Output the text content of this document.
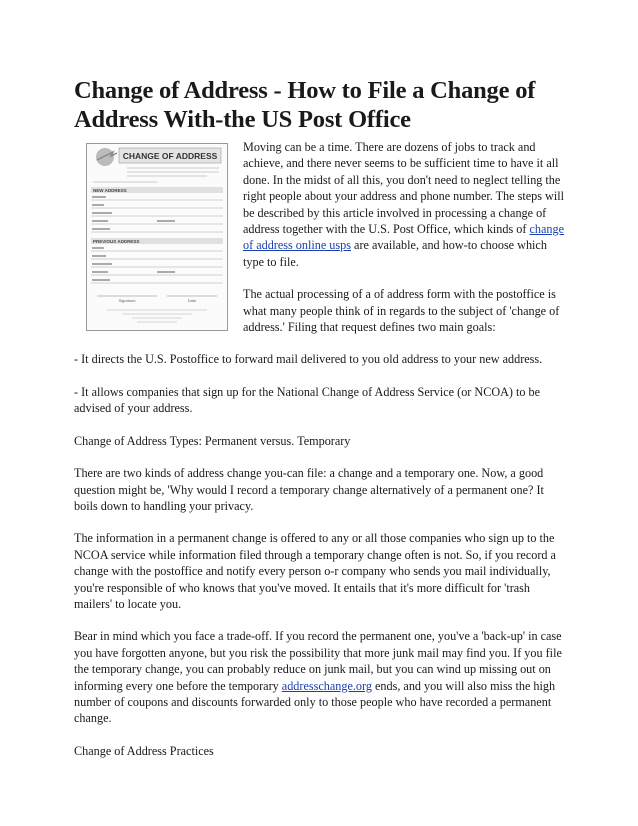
Change of Address - How to File a Change of Address With-the US Post Office
CHANGE OF ADDRESS
NEW ADDRESS
PREVIOUS ADDRESS
Signature	Date

Moving can be a time. There are dozens of jobs to track and achieve, and there never seems to be sufficient time to have it all done. In the midst of all this, you don't need to neglect telling the right people about your address and phone number. The steps will be described by this article involved in processing a change of address together with the U.S. Post Office, which kinds of change of address online usps are available, and how-to choose which type to file.

The actual processing of a of address form with the postoffice is what many people think of in regards to the subject of 'change of address.' Filing that request defines two main goals:

- It directs the U.S. Postoffice to forward mail delivered to you old address to your new address.

- It allows companies that sign up for the National Change of Address Service (or NCOA) to be advised of your address.

Change of Address Types: Permanent versus. Temporary

There are two kinds of address change you-can file: a change and a temporary one. Now, a good question might be, 'Why would I record a temporary change alternatively of a permanent one? It boils down to handling your privacy.

The information in a permanent change is offered to any or all those companies who sign up to the NCOA service while information filed through a temporary change often is not. So, if you record a change with the postoffice and notify every person o-r company who sends you mail individually, you're responsible of who knows that you've moved. It entails that it's more difficult for 'trash mailers' to locate you.

Bear in mind which you face a trade-off. If you record the permanent one, you've a 'back-up' in case you have forgotten anyone, but you risk the possibility that more junk mail may find you. If you file the temporary change, you can probably reduce on junk mail, but you can wind up missing out on informing every one before the temporary addresschange.org ends, and you will also miss the high number of coupons and discounts forwarded only to those people who have recorded a permanent change.

Change of Address Practices
